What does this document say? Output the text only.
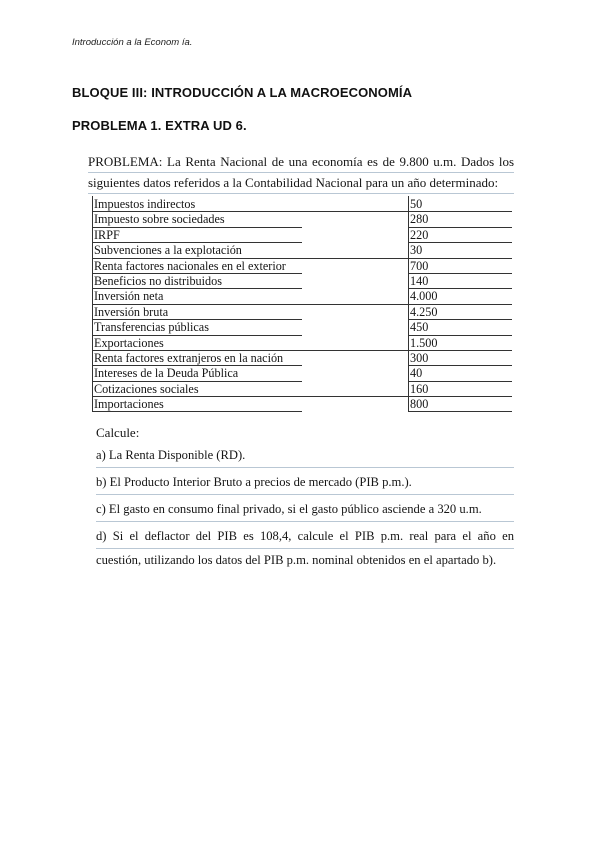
Introducción a la Econom ía.
BLOQUE III: INTRODUCCIÓN A LA MACROECONOMÍA
PROBLEMA 1. EXTRA UD 6.

PROBLEMA: La Renta Nacional de una economía es de 9.800 u.m. Dados los

siguientes datos referidos a la Contabilidad Nacional para un año determinado:

Impuestos indirectos	50
Impuesto sobre sociedades	280
IRPF	220
Subvenciones a la explotación	30
Renta factores nacionales en el exterior	700
Beneficios no distribuidos	140
Inversión neta	4.000
Inversión bruta	4.250
Transferencias públicas	450
Exportaciones	1.500
Renta factores extranjeros en la nación	300
Intereses de la Deuda Pública	40
Cotizaciones sociales	160
Importaciones	800
Calcule:
a) La Renta Disponible (RD).
b) El Producto Interior Bruto a precios de mercado (PIB p.m.).
c) El gasto en consumo final privado, si el gasto público asciende a 320 u.m.
d) Si el deflactor del PIB es 108,4, calcule el PIB p.m. real para el año en
cuestión, utilizando los datos del PIB p.m. nominal obtenidos en el apartado b).
